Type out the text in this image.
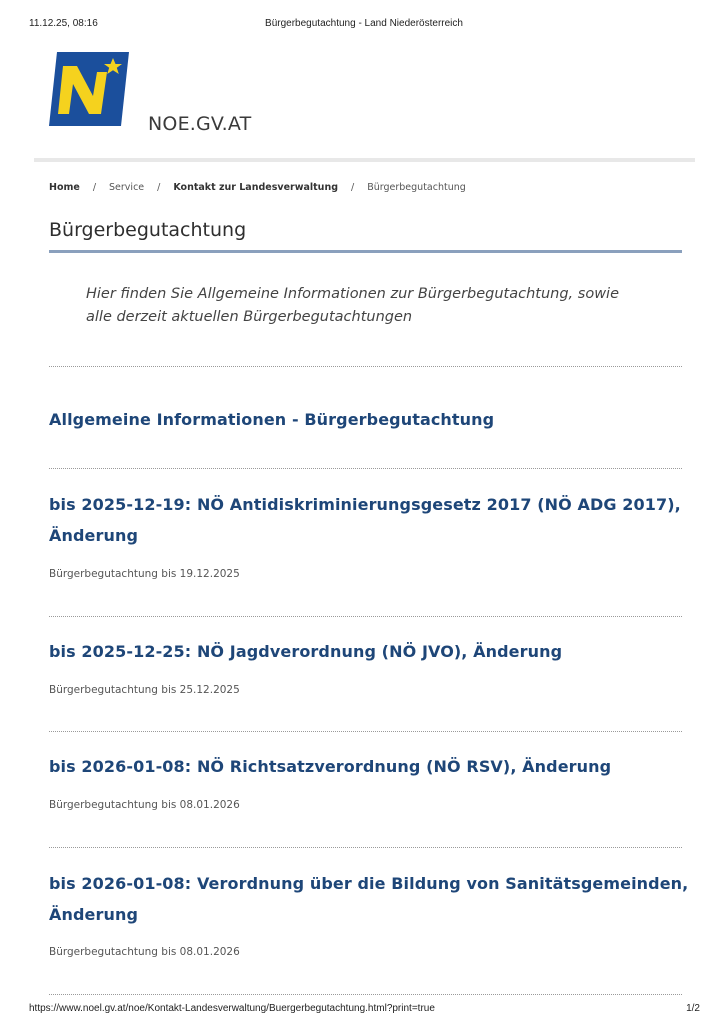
11.12.25, 08:16	Bürgerbegutachtung - Land Niederösterreich
NOE.GV.AT
Home / Service / Kontakt zur Landesverwaltung / Bürgerbegutachtung
Bürgerbegutachtung

Hier finden Sie Allgemeine Informationen zur Bürgerbegutachtung, sowie alle derzeit aktuellen Bürgerbegutachtungen

Allgemeine Informationen - Bürgerbegutachtung
bis 2025-12-19: NÖ Antidiskriminierungsgesetz 2017 (NÖ ADG 2017), Änderung
Bürgerbegutachtung bis 19.12.2025
bis 2025-12-25: NÖ Jagdverordnung (NÖ JVO), Änderung
Bürgerbegutachtung bis 25.12.2025
bis 2026-01-08: NÖ Richtsatzverordnung (NÖ RSV), Änderung
Bürgerbegutachtung bis 08.01.2026
bis 2026-01-08: Verordnung über die Bildung von Sanitätsgemeinden, Änderung
Bürgerbegutachtung bis 08.01.2026
https://www.noel.gv.at/noe/Kontakt-Landesverwaltung/Buergerbegutachtung.html?print=true	1/2
